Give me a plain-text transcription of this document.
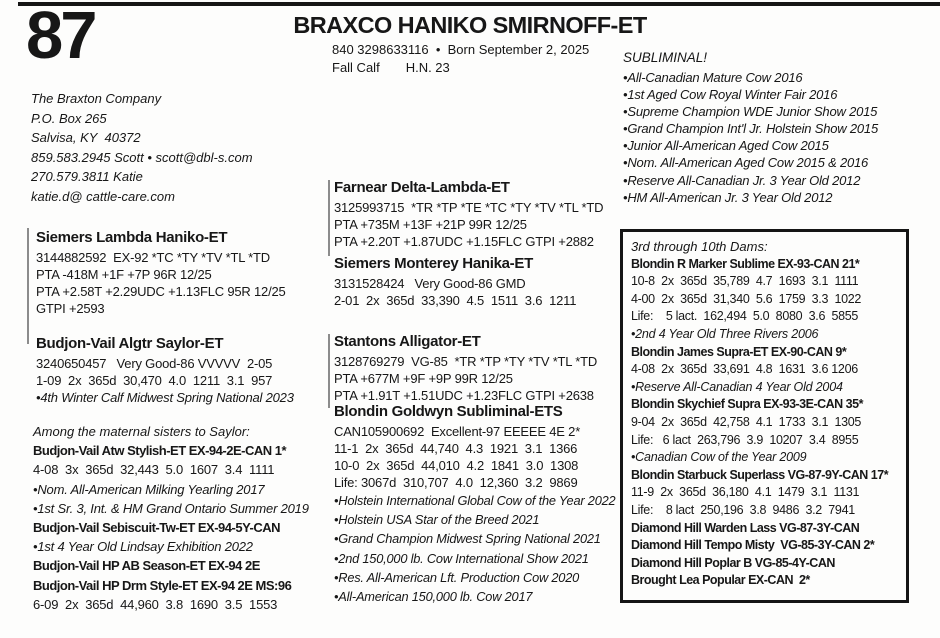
87	BRAXCO HANIKO SMIRNOFF-ET
840 3298633116  •  Born September 2, 2025
Fall Calf H.N. 23
SUBLIMINAL!
•All-Canadian Mature Cow 2016
•1st Aged Cow Royal Winter Fair 2016
•Supreme Champion WDE Junior Show 2015
•Grand Champion Int'l Jr. Holstein Show 2015
•Junior All-American Aged Cow 2015
•Nom. All-American Aged Cow 2015 & 2016
•Reserve All-Canadian Jr. 3 Year Old 2012
•HM All-American Jr. 3 Year Old 2012
The Braxton Company
P.O. Box 265
Salvisa, KY  40372
859.583.2945 Scott • scott@dbl-s.com
270.579.3811 Katie
katie.d@ cattle-care.com
Siemers Lambda Haniko-ET
3144882592  EX-92 *TC *TY *TV *TL *TD
PTA -418M +1F +7P 96R 12/25
PTA +2.58T +2.29UDC +1.13FLC 95R 12/25
GTPI +2593
Budjon-Vail Algtr Saylor-ET
3240650457   Very Good-86 VVVVV  2-05
1-09  2x  365d  30,470  4.0  1211  3.1  957
•4th Winter Calf Midwest Spring National 2023
Among the maternal sisters to Saylor:
Budjon-Vail Atw Stylish-ET EX-94-2E-CAN 1*
4-08  3x  365d  32,443  5.0  1607  3.4  1111
•Nom. All-American Milking Yearling 2017
•1st Sr. 3, Int. & HM Grand Ontario Summer 2019
Budjon-Vail Sebiscuit-Tw-ET EX-94-5Y-CAN
•1st 4 Year Old Lindsay Exhibition 2022
Budjon-Vail HP AB Season-ET EX-94 2E
Budjon-Vail HP Drm Style-ET EX-94 2E MS:96
6-09  2x  365d  44,960  3.8  1690  3.5  1553
Farnear Delta-Lambda-ET
3125993715  *TR *TP *TE *TC *TY *TV *TL *TD
PTA +735M +13F +21P 99R 12/25
PTA +2.20T +1.87UDC +1.15FLC GTPI +2882
Siemers Monterey Hanika-ET
3131528424   Very Good-86 GMD
2-01  2x  365d  33,390  4.5  1511  3.6  1211
Stantons Alligator-ET
3128769279  VG-85  *TR *TP *TY *TV *TL *TD
PTA +677M +9F +9P 99R 12/25
PTA +1.91T +1.51UDC +1.23FLC GTPI +2638
Blondin Goldwyn Subliminal-ETS
CAN105900692  Excellent-97 EEEEE 4E 2*
11-1  2x  365d  44,740  4.3  1921  3.1  1366
10-0  2x  365d  44,010  4.2  1841  3.0  1308
Life: 3067d  310,707  4.0  12,360  3.2  9869
•Holstein International Global Cow of the Year 2022
•Holstein USA Star of the Breed 2021
•Grand Champion Midwest Spring National 2021
•2nd 150,000 lb. Cow International Show 2021
•Res. All-American Lft. Production Cow 2020
•All-American 150,000 lb. Cow 2017
3rd through 10th Dams:
Blondin R Marker Sublime EX-93-CAN 21*
10-8  2x  365d  35,789  4.7  1693  3.1  1111
4-00  2x  365d  31,340  5.6  1759  3.3  1022
Life:    5 lact.  162,494  5.0  8080  3.6  5855
•2nd 4 Year Old Three Rivers 2006
Blondin James Supra-ET EX-90-CAN 9*
4-08  2x  365d  33,691  4.8  1631  3.6 1206
•Reserve All-Canadian 4 Year Old 2004
Blondin Skychief Supra EX-93-3E-CAN 35*
9-04  2x  365d  42,758  4.1  1733  3.1  1305
Life:   6 lact  263,796  3.9  10207  3.4  8955
•Canadian Cow of the Year 2009
Blondin Starbuck Superlass VG-87-9Y-CAN 17*
11-9  2x  365d  36,180  4.1  1479  3.1  1131
Life:    8 lact  250,196  3.8  9486  3.2  7941
Diamond Hill Warden Lass VG-87-3Y-CAN
Diamond Hill Tempo Misty  VG-85-3Y-CAN 2*
Diamond Hill Poplar B VG-85-4Y-CAN
Brought Lea Popular EX-CAN  2*
